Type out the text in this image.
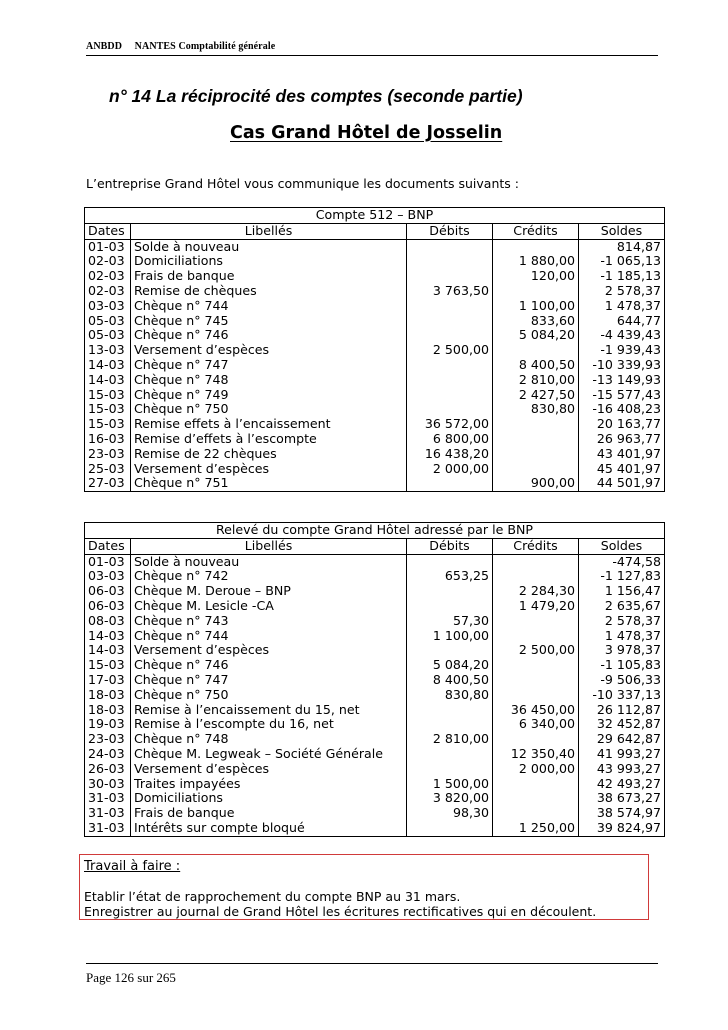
ANBDD NANTES Comptabilité générale
n° 14 La réciprocité des comptes (seconde partie)
Cas Grand Hôtel de Josselin
L’entreprise Grand Hôtel vous communique les documents suivants :
Compte 512 – BNP				
Dates	Libellés	Débits	Crédits	Soldes
01-03	Solde à nouveau			814,87
02-03	Domiciliations		1 880,00	-1 065,13
02-03	Frais de banque		120,00	-1 185,13
02-03	Remise de chèques	3 763,50		2 578,37
03-03	Chèque n° 744		1 100,00	1 478,37
05-03	Chèque n° 745		833,60	644,77
05-03	Chèque n° 746		5 084,20	-4 439,43
13-03	Versement d’espèces	2 500,00		-1 939,43
14-03	Chèque n° 747		8 400,50	-10 339,93
14-03	Chèque n° 748		2 810,00	-13 149,93
15-03	Chèque n° 749		2 427,50	-15 577,43
15-03	Chèque n° 750		830,80	-16 408,23
15-03	Remise effets à l’encaissement	36 572,00		20 163,77
16-03	Remise d’effets à l’escompte	6 800,00		26 963,77
23-03	Remise de 22 chèques	16 438,20		43 401,97
25-03	Versement d’espèces	2 000,00		45 401,97
27-03	Chèque n° 751		900,00	44 501,97
Relevé du compte Grand Hôtel adressé par le BNP				
Dates	Libellés	Débits	Crédits	Soldes
01-03	Solde à nouveau			-474,58
03-03	Chèque n° 742	653,25		-1 127,83
06-03	Chèque M. Deroue – BNP		2 284,30	1 156,47
06-03	Chèque M. Lesicle -CA		1 479,20	2 635,67
08-03	Chèque n° 743	57,30		2 578,37
14-03	Chèque n° 744	1 100,00		1 478,37
14-03	Versement d’espèces		2 500,00	3 978,37
15-03	Chèque n° 746	5 084,20		-1 105,83
17-03	Chèque n° 747	8 400,50		-9 506,33
18-03	Chèque n° 750	830,80		-10 337,13
18-03	Remise à l’encaissement du 15, net		36 450,00	26 112,87
19-03	Remise à l’escompte du 16, net		6 340,00	32 452,87
23-03	Chèque n° 748	2 810,00		29 642,87
24-03	Chèque M. Legweak – Société Générale		12 350,40	41 993,27
26-03	Versement d’espèces		2 000,00	43 993,27
30-03	Traites impayées	1 500,00		42 493,27
31-03	Domiciliations	3 820,00		38 673,27
31-03	Frais de banque	98,30		38 574,97
31-03	Intérêts sur compte bloqué		1 250,00	39 824,97
Travail à faire :
Etablir l’état de rapprochement du compte BNP au 31 mars.
Enregistrer au journal de Grand Hôtel les écritures rectificatives qui en découlent.
Page 126 sur 265
